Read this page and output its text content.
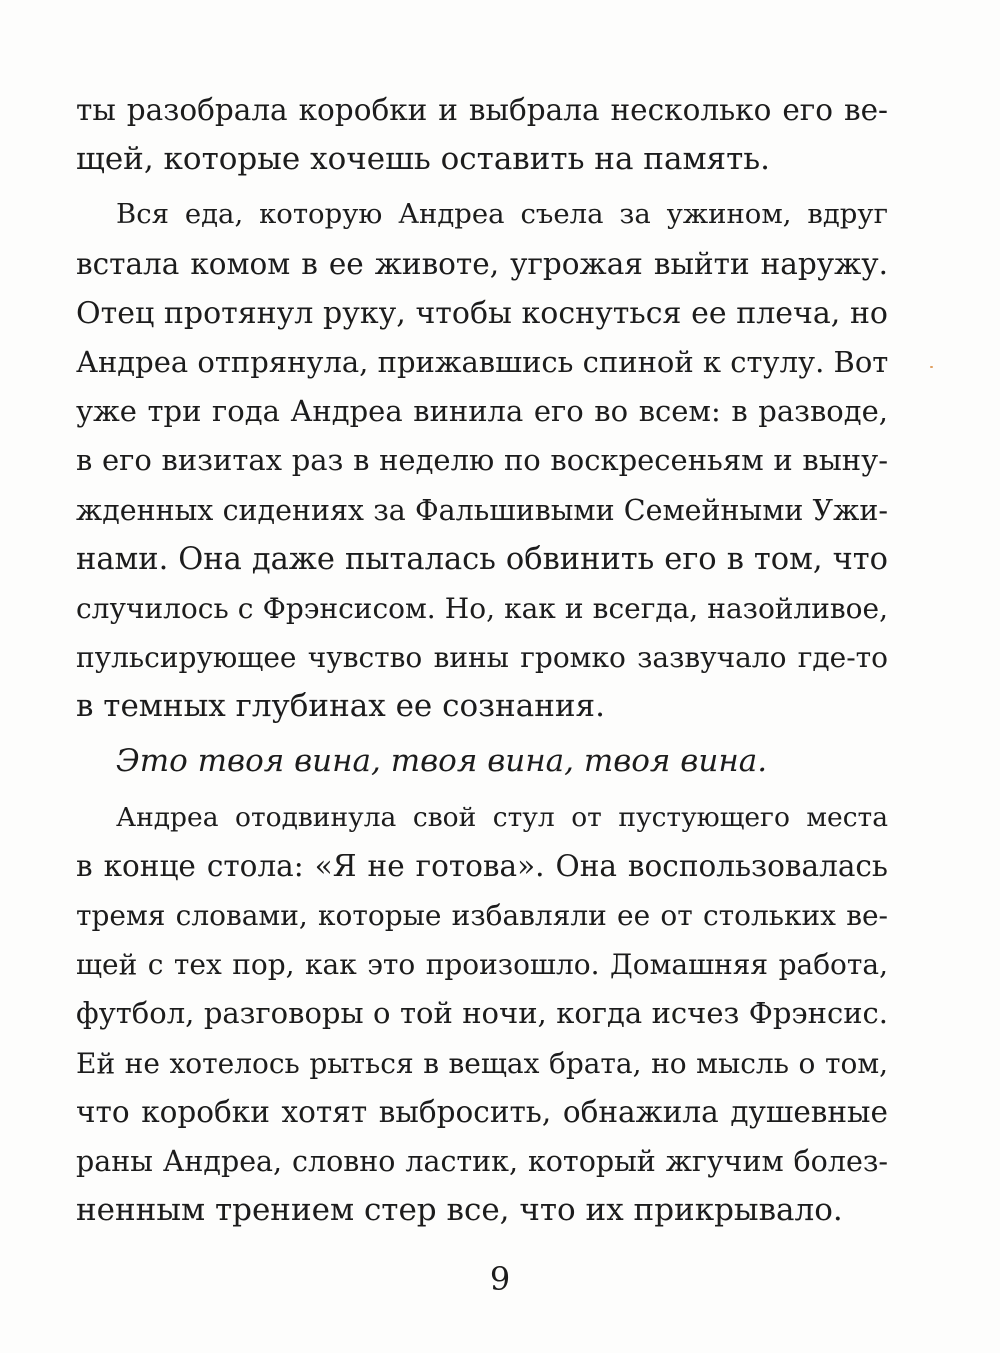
ты разобрала коробки и выбрала несколько его ве-
щей, которые хочешь оставить на память.
Вся еда, которую Андреа съела за ужином, вдруг
встала комом в ее животе, угрожая выйти наружу.
Отец протянул руку, чтобы коснуться ее плеча, но
Андреа отпрянула, прижавшись спиной к стулу. Вот
уже три года Андреа винила его во всем: в разводе,
в его визитах раз в неделю по воскресеньям и выну-
жденных сидениях за Фальшивыми Семейными Ужи-
нами. Она даже пыталась обвинить его в том, что
случилось с Фрэнсисом. Но, как и всегда, назойливое,
пульсирующее чувство вины громко зазвучало где-то
в темных глубинах ее сознания.
Это твоя вина, твоя вина, твоя вина.
Андреа отодвинула свой стул от пустующего места
в конце стола: «Я не готова». Она воспользовалась
тремя словами, которые избавляли ее от стольких ве-
щей с тех пор, как это произошло. Домашняя работа,
футбол, разговоры о той ночи, когда исчез Фрэнсис.
Ей не хотелось рыться в вещах брата, но мысль о том,
что коробки хотят выбросить, обнажила душевные
раны Андреа, словно ластик, который жгучим болез-
ненным трением стер все, что их прикрывало.
9
